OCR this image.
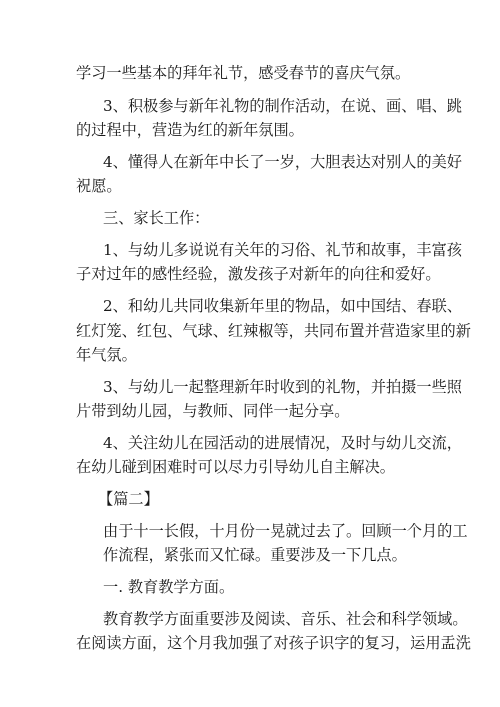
学习一些基本的拜年礼节，感受春节的喜庆气氛。
3、积极参与新年礼物的制作活动，在说、画、唱、跳
的过程中，营造为红的新年氛围。
4、懂得人在新年中长了一岁，大胆表达对别人的美好
祝愿。
三、家长工作：
1、与幼儿多说说有关年的习俗、礼节和故事，丰富孩
子对过年的感性经验，激发孩子对新年的向往和爱好。
2、和幼儿共同收集新年里的物品，如中国结、春联、
红灯笼、红包、气球、红辣椒等，共同布置并营造家里的新
年气氛。
3、与幼儿一起整理新年时收到的礼物，并拍摄一些照
片带到幼儿园，与教师、同伴一起分享。
4、关注幼儿在园活动的进展情况，及时与幼儿交流，
在幼儿碰到困难时可以尽力引导幼儿自主解决。
【篇二】
由于十一长假，十月份一晃就过去了。回顾一个月的工
作流程，紧张而又忙碌。重要涉及一下几点。
一. 教育教学方面。
教育教学方面重要涉及阅读、音乐、社会和科学领域。
在阅读方面，这个月我加强了对孩子识字的复习，运用盂洗
